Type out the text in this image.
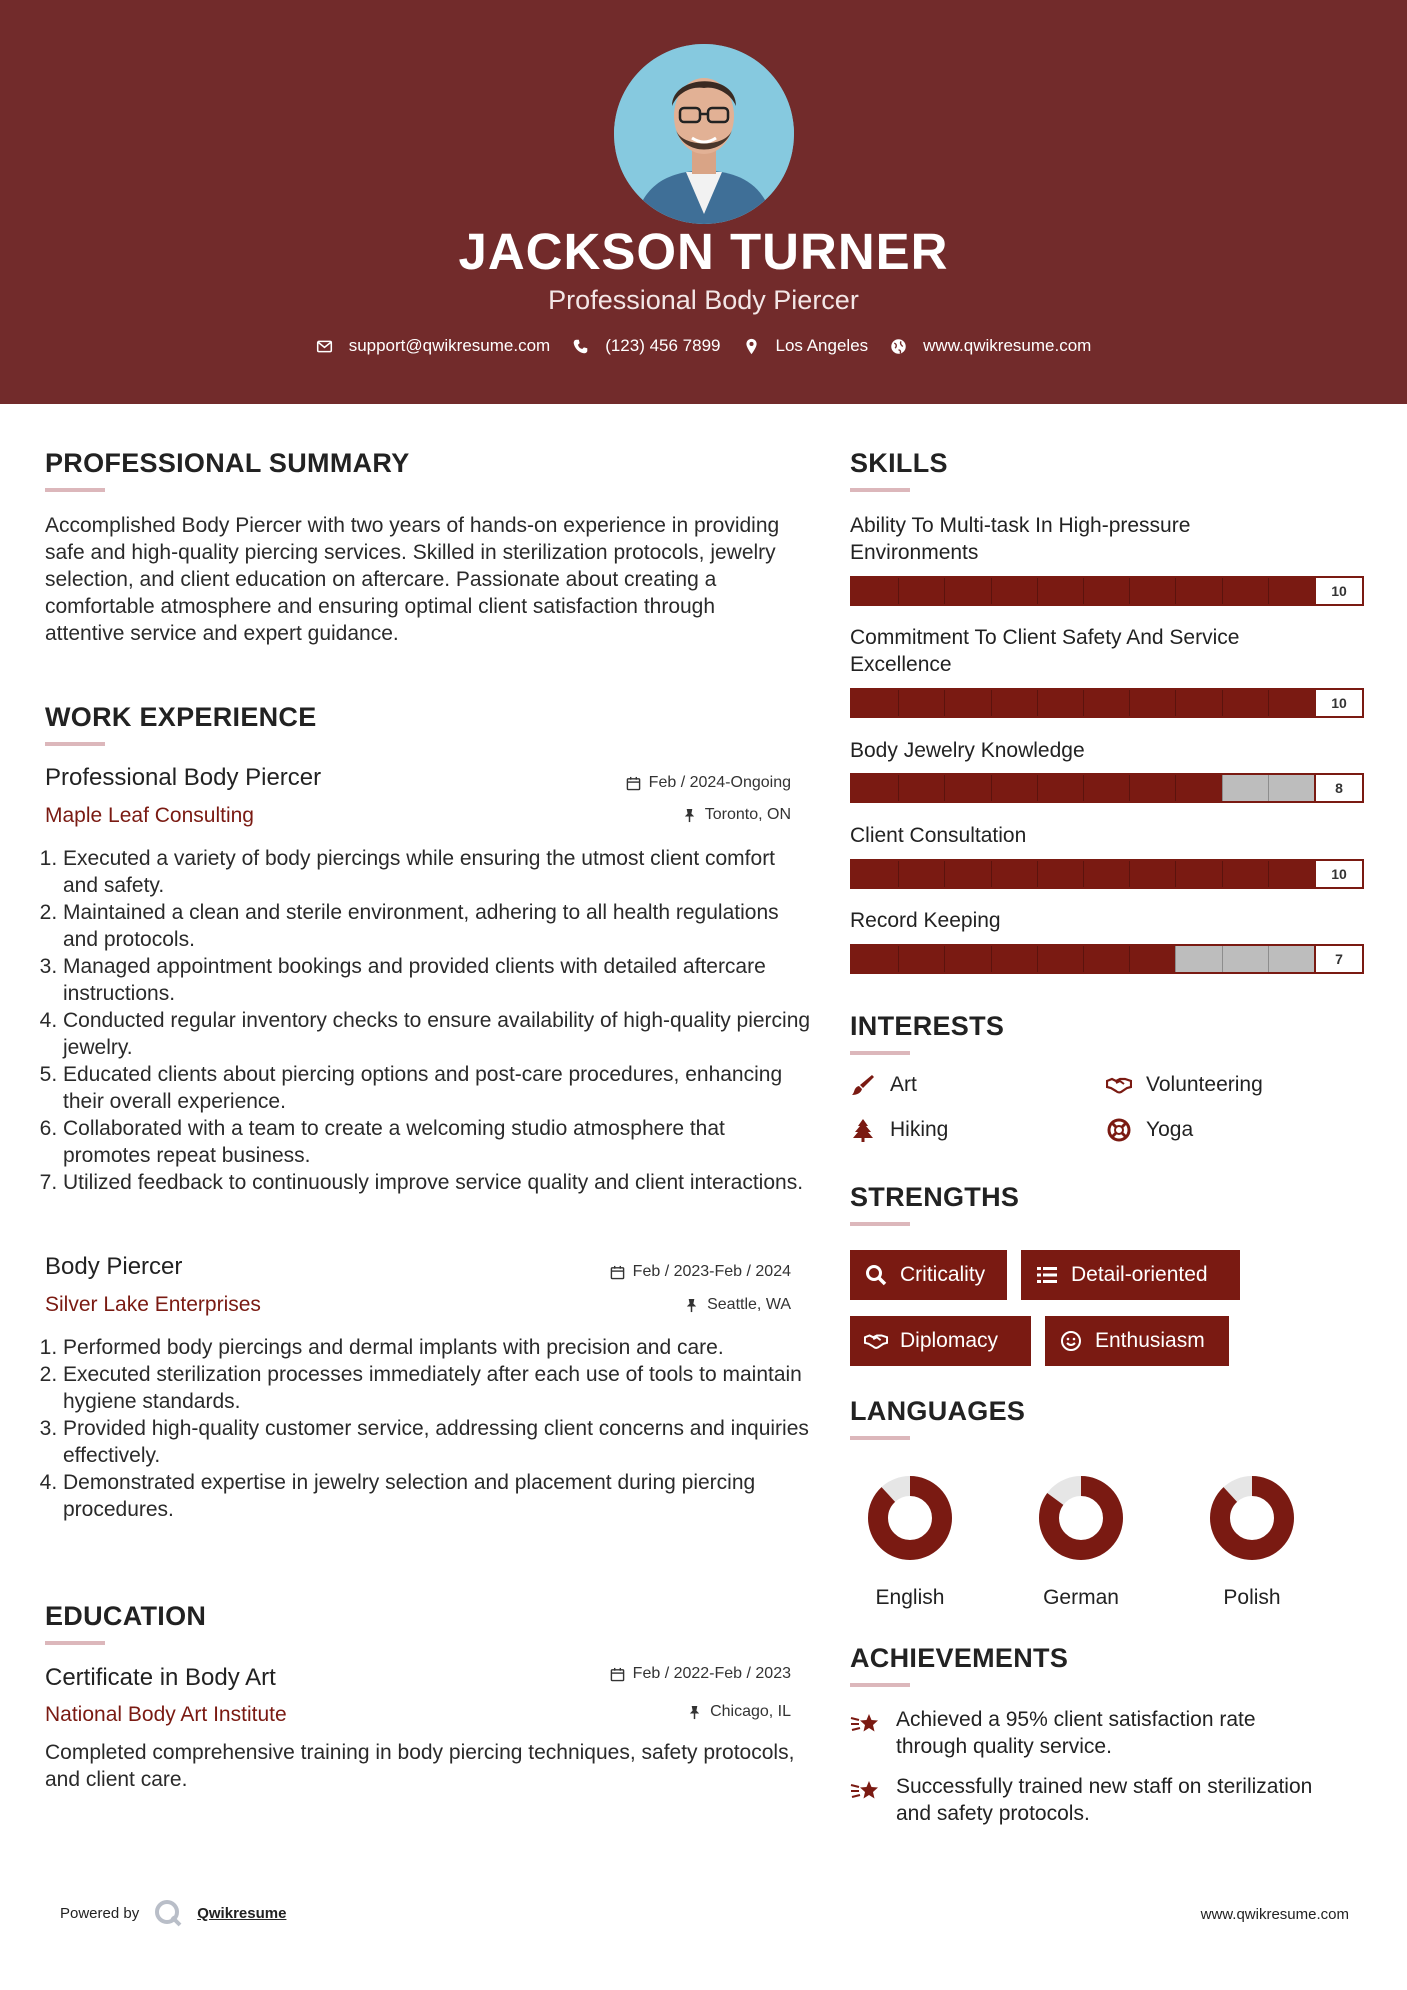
JACKSON TURNER
Professional Body Piercer
support@qwikresume.com	(123) 456 7899	Los Angeles	www.qwikresume.com
PROFESSIONAL SUMMARY
Accomplished Body Piercer with two years of hands-on experience in providing safe and high-quality piercing services. Skilled in sterilization protocols, jewelry selection, and client education on aftercare. Passionate about creating a comfortable atmosphere and ensuring optimal client satisfaction through attentive service and expert guidance.
WORK EXPERIENCE
Professional Body Piercer	Feb / 2024-Ongoing
Maple Leaf Consulting	Toronto, ON
1. Executed a variety of body piercings while ensuring the utmost client comfort and safety.
2. Maintained a clean and sterile environment, adhering to all health regulations and protocols.
3. Managed appointment bookings and provided clients with detailed aftercare instructions.
4. Conducted regular inventory checks to ensure availability of high-quality piercing jewelry.
5. Educated clients about piercing options and post-care procedures, enhancing their overall experience.
6. Collaborated with a team to create a welcoming studio atmosphere that promotes repeat business.
7. Utilized feedback to continuously improve service quality and client interactions.
Body Piercer	Feb / 2023-Feb / 2024
Silver Lake Enterprises	Seattle, WA
1. Performed body piercings and dermal implants with precision and care.
2. Executed sterilization processes immediately after each use of tools to maintain hygiene standards.
3. Provided high-quality customer service, addressing client concerns and inquiries effectively.
4. Demonstrated expertise in jewelry selection and placement during piercing procedures.
EDUCATION
Certificate in Body Art	Feb / 2022-Feb / 2023
National Body Art Institute	Chicago, IL
Completed comprehensive training in body piercing techniques, safety protocols, and client care.
SKILLS
Ability To Multi-task In High-pressure Environments
10
Commitment To Client Safety And Service Excellence
10
Body Jewelry Knowledge
8
Client Consultation
10
Record Keeping
7
INTERESTS
Art	Volunteering
Hiking	Yoga
STRENGTHS
Criticality	Detail-oriented
Diplomacy	Enthusiasm
LANGUAGES
English	German	Polish
ACHIEVEMENTS
Achieved a 95% client satisfaction rate through quality service.
Successfully trained new staff on sterilization and safety protocols.
Powered by	Qwikresume	www.qwikresume.com
